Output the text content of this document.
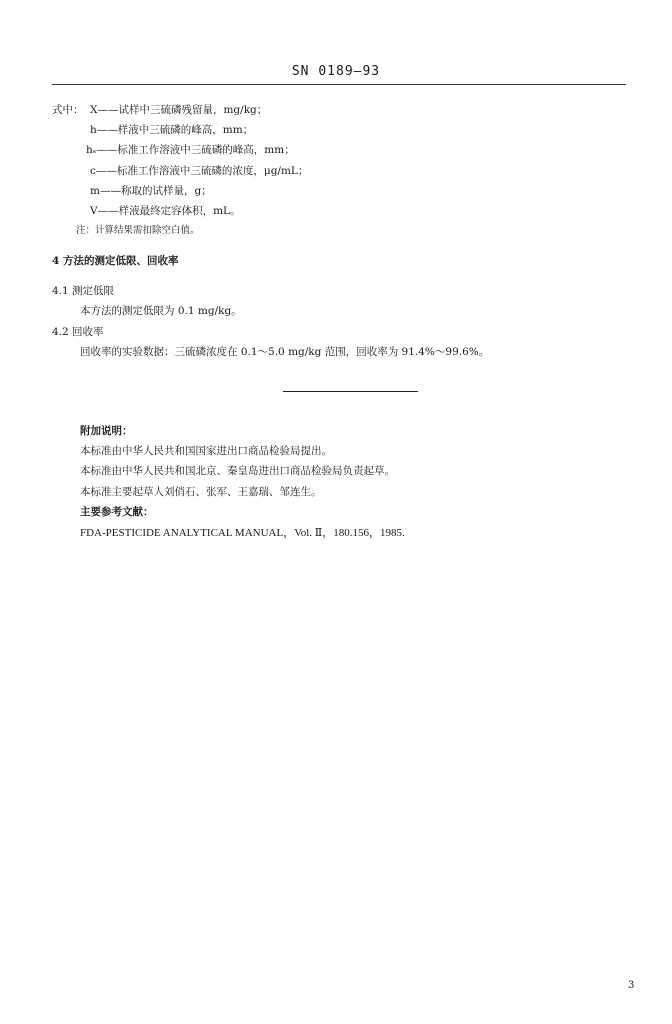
SN 0189—93
式中： X——试样中三硫磷残留量，mg/kg；
h——样液中三硫磷的峰高，mm；
hₛ——标准工作溶液中三硫磷的峰高，mm；
c——标准工作溶液中三硫磷的浓度，μg/mL；
m——称取的试样量，g；
V——样液最终定容体积，mL。
注：计算结果需扣除空白值。
4 方法的测定低限、回收率
4.1 测定低限
本方法的测定低限为 0.1 mg/kg。
4.2 回收率
回收率的实验数据：三硫磷浓度在 0.1～5.0 mg/kg 范围，回收率为 91.4%～99.6%。
附加说明：
本标准由中华人民共和国国家进出口商品检验局提出。
本标准由中华人民共和国北京、秦皇岛进出口商品检验局负责起草。
本标准主要起草人刘俏石、张军、王嘉瑞、邹连生。
主要参考文献：
FDA-PESTICIDE ANALYTICAL MANUAL，Vol. Ⅱ，180.156，1985.
3
